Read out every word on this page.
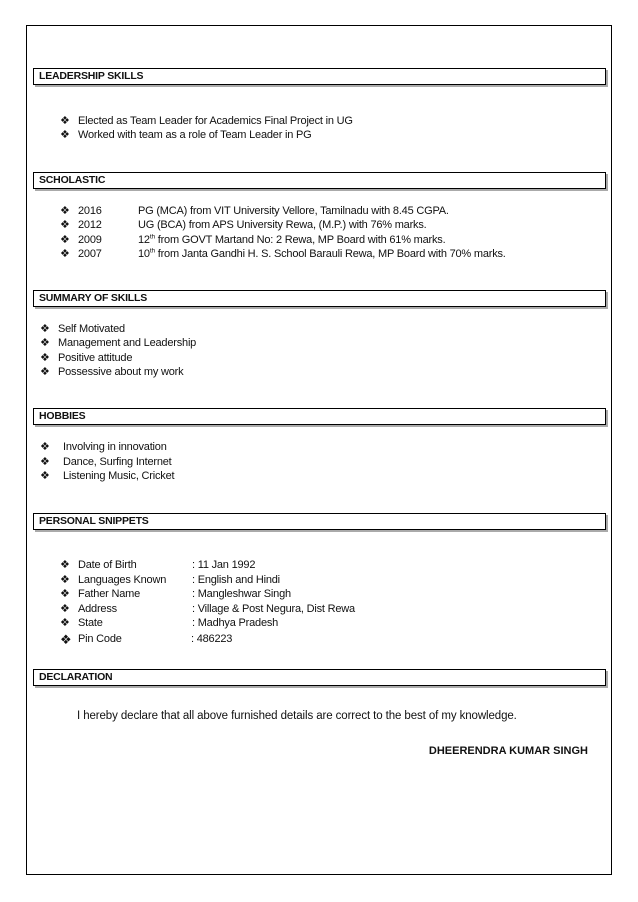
LEADERSHIP SKILLS
❖ Elected as Team Leader for Academics Final Project in UG
❖ Worked with team as a role of Team Leader in PG
SCHOLASTIC
❖ 2016	PG (MCA) from VIT University Vellore, Tamilnadu with 8.45 CGPA.
❖ 2012	UG (BCA) from APS University Rewa, (M.P.) with 76% marks.
❖ 2009	12th from GOVT Martand No: 2 Rewa, MP Board with 61% marks.
❖ 2007	10th from Janta Gandhi H. S. School Barauli Rewa, MP Board with 70% marks.
SUMMARY OF SKILLS
❖ Self Motivated
❖ Management and Leadership
❖ Positive attitude
❖ Possessive about my work
HOBBIES
❖ Involving in innovation
❖ Dance, Surfing Internet
❖ Listening Music, Cricket
PERSONAL SNIPPETS
❖ Date of Birth	: 11 Jan 1992
❖ Languages Known : English and Hindi
❖ Father Name	: Mangleshwar Singh
❖ Address	: Village & Post Negura, Dist Rewa
❖ State	: Madhya Pradesh
❖ Pin Code	: 486223
DECLARATION
I hereby declare that all above furnished details are correct to the best of my knowledge.
DHEERENDRA KUMAR SINGH
